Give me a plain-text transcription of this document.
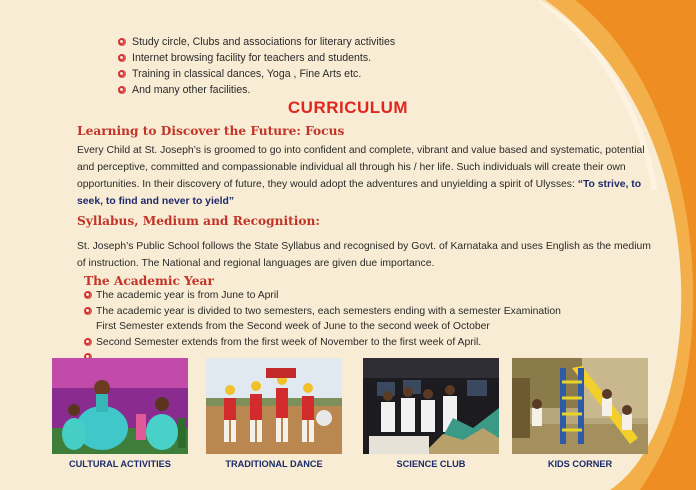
Study circle, Clubs and associations for literary activities
Internet browsing facility for teachers and students.
Training in classical dances, Yoga , Fine Arts etc.
And many other facilities.
CURRICULUM
Learning to Discover the Future: Focus

Every Child at St. Joseph’s is groomed to go into confident and complete, vibrant and value based and systematic, potential and perceptive, committed and compassionable individual all through his / her life. Such individuals will create their own opportunities. In their discovery of future, they would adopt the adventures and unyielding a spirit of Ulysses: “To strive, to seek, to find and never to yield”

Syllabus, Medium and Recognition:

St. Joseph’s Public School follows the State Syllabus and recognised by Govt. of Karnataka and uses English as the medium of instruction. The National and regional languages are given due importance.

The Academic Year
The academic year is from June to April
The academic year is divided to two semesters, each semesters ending with a semester Examination
First Semester extends from the Second week of June to the second week of October
Second Semester extends from the first week of November to the first week of April.
CULTURAL ACTIVITIES	TRADITIONAL DANCE	SCIENCE CLUB	KIDS CORNER
